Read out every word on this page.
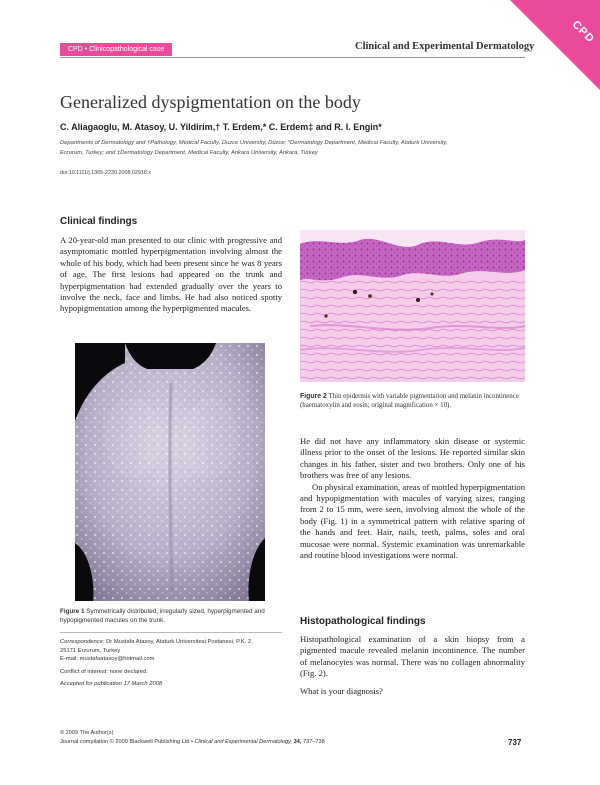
CPD
CPD • Clinicopathological case	Clinical and Experimental Dermatology
Generalized dyspigmentation on the body
C. Aliagaoglu, M. Atasoy, U. Yildirim,† T. Erdem,* C. Erdem‡ and R. I. Engin*
Departments of Dermatology and †Pathology, Medical Faculty, Duzce University, Düzce; *Dermatology Department, Medical Faculty, Ataturk University,
Erzurum, Turkey; and ‡Dermatology Department, Medical Faculty, Ankara University, Ankara, Turkey
doi:10.1111/j.1365-2230.2008.02918.x
Clinical findings

A 20-year-old man presented to our clinic with progressive and asymptomatic mottled hyperpigmentation involving almost the whole of his body, which had been present since he was 8 years of age. The first lesions had appeared on the trunk and hyperpigmentation had extended gradually over the years to involve the neck, face and limbs. He had also noticed spotty hypopigmentation among the hyperpigmented macules.

Figure 1 Symmetrically distributed, irregularly sized, hyperpigmented and hypopigmented macules on the trunk.
Correspondence: Dr Mustafa Atasoy, Ataturk Universitesi Postanesi, P.K. 2,
25171 Erzurum, Turkey
E-mail: mustafaatasoy@hotmail.com
Conflict of interest: none declared.
Accepted for publication 17 March 2008
Figure 2 Thin epidermis with variable pigmentation and melanin incontinence (haematoxylin and eosin; original magnification × 10).

He did not have any inflammatory skin disease or systemic illness prior to the onset of the lesions. He reported similar skin changes in his father, sister and two brothers. Only one of his brothers was free of any lesions.

On physical examination, areas of mottled hyperpigmentation and hypopigmentation with macules of varying sizes, ranging from 2 to 15 mm, were seen, involving almost the whole of the body (Fig. 1) in a symmetrical pattern with relative sparing of the hands and feet. Hair, nails, teeth, palms, soles and oral mucosae were normal. Systemic examination was unremarkable and routine blood investigations were normal.

Histopathological findings

Histopathological examination of a skin biopsy from a pigmented macule revealed melanin incontinence. The number of melanocytes was normal. There was no collagen abnormality (Fig. 2).

What is your diagnosis?

© 2009 The Author(s)
Journal compilation © 2009 Blackwell Publishing Ltd • Clinical and Experimental Dermatology, 34, 737–738	737
